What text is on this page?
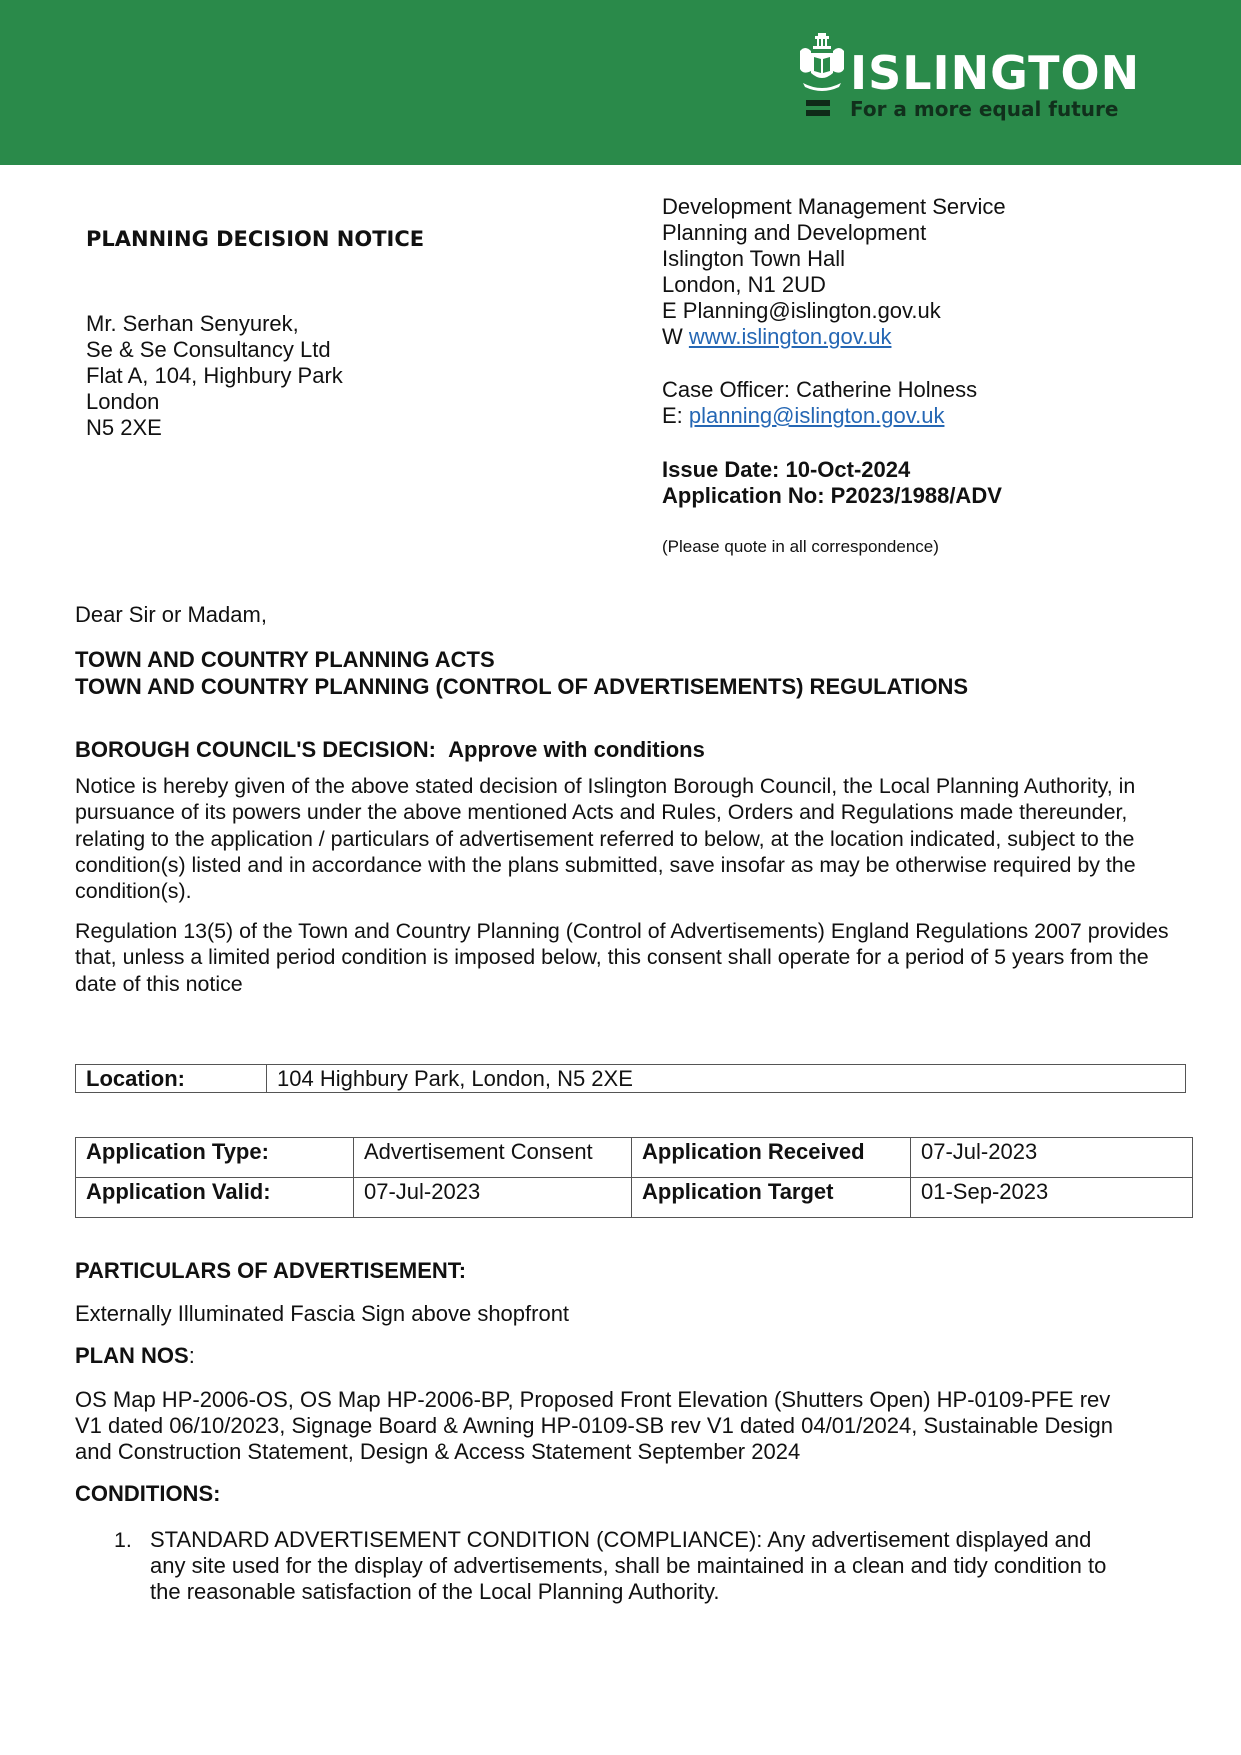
ISLINGTON
For a more equal future
PLANNING DECISION NOTICE
Mr. Serhan Senyurek,
Se & Se Consultancy Ltd
Flat A, 104, Highbury Park
London
N5 2XE
Development Management Service
Planning and Development
Islington Town Hall
London, N1 2UD
E Planning@islington.gov.uk
W www.islington.gov.uk
Case Officer: Catherine Holness
E: planning@islington.gov.uk
Issue Date: 10-Oct-2024
Application No: P2023/1988/ADV
(Please quote in all correspondence)
Dear Sir or Madam,
TOWN AND COUNTRY PLANNING ACTS
TOWN AND COUNTRY PLANNING (CONTROL OF ADVERTISEMENTS) REGULATIONS
BOROUGH COUNCIL'S DECISION: Approve with conditions
Notice is hereby given of the above stated decision of Islington Borough Council, the Local Planning Authority, in pursuance of its powers under the above mentioned Acts and Rules, Orders and Regulations made thereunder, relating to the application / particulars of advertisement referred to below, at the location indicated, subject to the condition(s) listed and in accordance with the plans submitted, save insofar as may be otherwise required by the condition(s).
Regulation 13(5) of the Town and Country Planning (Control of Advertisements) England Regulations 2007 provides that, unless a limited period condition is imposed below, this consent shall operate for a period of 5 years from the date of this notice
Location:	104 Highbury Park, London, N5 2XE
Application Type:	Advertisement Consent	Application Received	07-Jul-2023
Application Valid:	07-Jul-2023	Application Target	01-Sep-2023
PARTICULARS OF ADVERTISEMENT:
Externally Illuminated Fascia Sign above shopfront
PLAN NOS:
OS Map HP-2006-OS, OS Map HP-2006-BP, Proposed Front Elevation (Shutters Open) HP-0109-PFE rev
V1 dated 06/10/2023, Signage Board & Awning HP-0109-SB rev V1 dated 04/01/2024, Sustainable Design
and Construction Statement, Design & Access Statement September 2024
CONDITIONS:
1. STANDARD ADVERTISEMENT CONDITION (COMPLIANCE): Any advertisement displayed and
any site used for the display of advertisements, shall be maintained in a clean and tidy condition to
the reasonable satisfaction of the Local Planning Authority.
